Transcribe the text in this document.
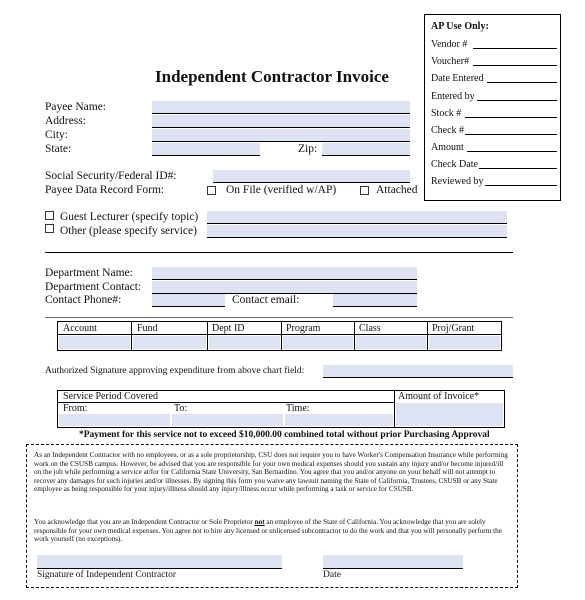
AP Use Only:
Vendor #
Voucher#
Date Entered
Entered by
Stock #
Check #
Amount
Check Date
Reviewed by
Independent Contractor Invoice
Payee Name:
Address:
City:
State:	Zip:
Social Security/Federal ID#:
Payee Data Record Form:	On File (verified w/AP)	Attached
Guest Lecturer (specify topic)
Other (please specify service)
Department Name:
Department Contact:
Contact Phone#:	Contact email:
Account	Fund	Dept ID	Program	Class	Proj/Grant
Authorized Signature approving expenditure from above chart field:
Service Period Covered
From:	To:	Time:
Amount of Invoice*
*Payment for this service not to exceed $10,000.00 combined total without prior Purchasing Approval

As an Independent Contractor with no employees, or as a sole proprietorship, CSU does not require you to have Worker's Compensation Insurance while performing work on the CSUSB campus. However, be advised that you are responsible for your own medical expenses should you sustain any injury and/or become injured/ill on the job while performing a service at/for for California State University, San Bernardino. You agree that you and/or anyone on your behalf will not attempt to recover any damages for such injuries and/or illnesses. By signing this form you waive any lawsuit naming the State of California, Trustees, CSUSB or any State employee as being responsible for your injury/illness should any injury/illness occur while performing a task or service for CSUSB.

You acknowledge that you are an Independent Contractor or Sole Proprietor not an employee of the State of California. You acknowledge that you are solely responsible for your own medical expenses. You agree not to hire any licensed or unlicensed subcontractor to do the work and that you will personally perform the work yourself (no exceptions).

Signature of Independent Contractor	Date
